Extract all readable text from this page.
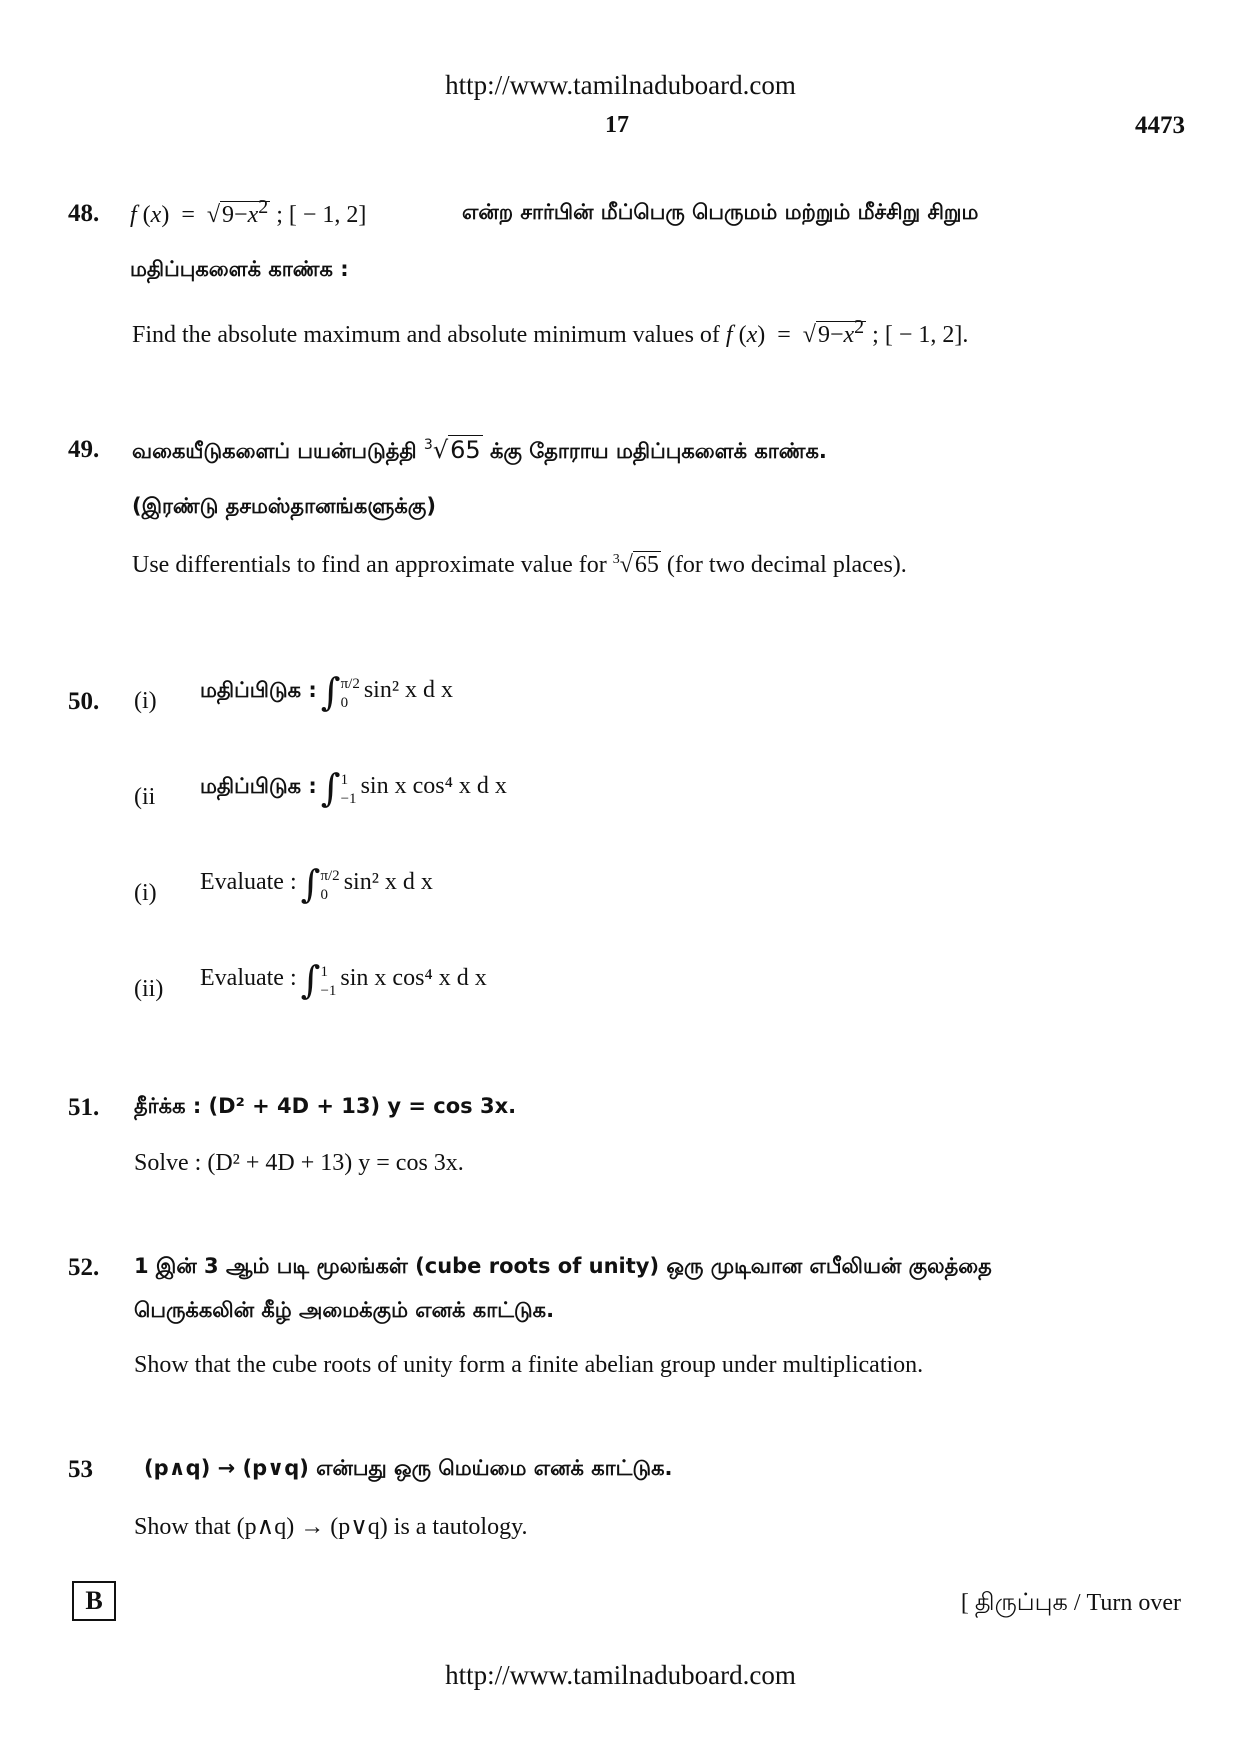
http://www.tamilnaduboard.com
17	4473
48. f $(x) = √9-x^2$ ; [ − 1, 2]	என்ற சார்பின் மீப்பெரு பெருமம் மற்றும் மீச்சிறு சிறும
மதிப்புகளைக் காண்க :
Find the absolute maximum and absolute minimum values of f $(x) = √9-x^2$ ; [ − 1, 2].
49. வகையீடுகளைப் பயன்படுத்தி $^3$√65 க்கு தோராய மதிப்புகளைக் காண்க.
(இரண்டு தசமஸ்தானங்களுக்கு)
Use differentials to find an approximate value for $^3$√65 (for two decimal places).
50. (i) மதிப்பிடுக : ∫ π/2
0 sin² x d x
(ii மதிப்பிடுக : ∫ 1
−1 sin x cos⁴ x d x
(i) Evaluate : ∫ π/2
0 sin² x d x
(ii) Evaluate : ∫ 1
−1 sin x cos⁴ x d x
51. தீர்க்க : (D² + 4D + 13) y = cos 3x.
Solve : (D² + 4D + 13) y = cos 3x.
52. 1 இன் 3 ஆம் படி மூலங்கள் (cube roots of unity) ஒரு முடிவான எபீலியன் குலத்தை
பெருக்கலின் கீழ் அமைக்கும் எனக் காட்டுக.
Show that the cube roots of unity form a finite abelian group under multiplication.
53 (p∧q) → (p∨q) என்பது ஒரு மெய்மை எனக் காட்டுக.
Show that (p∧q) → (p∨q) is a tautology.
B	[ திருப்புக / Turn over
http://www.tamilnaduboard.com
